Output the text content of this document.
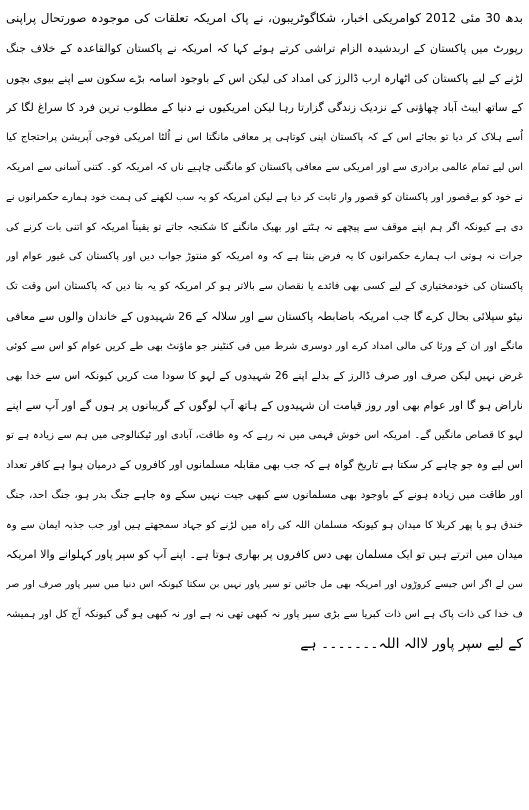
بدھ 30 مئی 2012 کوامریکی اخبار، شکاگوٹریبون، نے پاک امریکہ تعلقات کی موجودہ صورتحال پراپنی
رپورٹ میں پاکستان کے اربدشیدہ الزام تراشی کرتے ہوئے کہا کہ امریکہ نے پاکستان کوالقاعدہ کے خلاف جنگ
لڑنے کے لیے پاکستان کی اٹھارہ ارب ڈالرز کی امداد کی لیکن اس کے باوجود اسامہ بڑے سکون سے اپنے بیوی بچوں
کے ساتھ ایبٹ آباد چھاؤنی کے نزدیک زندگی گزارتا رہا لیکن امریکیوں نے دنیا کے مطلوب ترین فرد کا سراغ لگا کر
اُسے ہلاک کر دیا تو بجائے اس کے کہ پاکستان اپنی کوتاہی پر معافی مانگتا اس نے اُلٹا امریکی فوجی آپریشن پراحتجاج کیا
اس لیے تمام عالمی برادری سے اور امریکی سے معافی پاکستان کو مانگنی چاہیے ناں کہ امریکہ کو۔ کتنی آسانی سے امریکہ
نے خود کو بےقصور اور پاکستان کو قصور وار ثابت کر دیا ہے لیکن امریکہ کو یہ سب لکھنے کی ہمت خود ہمارے حکمرانوں نے
دی ہے کیونکہ اگر ہم اپنے موقف سے پیچھے نہ ہٹتے اور بھیک مانگنے کا شکنجہ جاتے تو یقیناً امریکہ کو اتنی بات کرنے کی
جرات نہ ہوتی اب ہمارے حکمرانوں کا یہ فرض بنتا ہے کہ وہ امریکہ کو منتوڑ جواب دیں اور پاکستان کی غیور عوام اور
پاکستان کی خودمختیاری کے لیے کسی بھی فائدے یا نقصان سے بالاتر ہو کر امریکہ کو یہ بتا دیں کہ پاکستان اس وقت تک
نیٹو سپلائی بحال کرے گا جب امریکہ باضابطہ پاکستان سے اور سلالہ کے 26 شہیدوں کے خاندان والوں سے معافی
مانگے اور ان کے ورثا کی مالی امداد کرے اور دوسری شرط میں فی کنٹینر جو ماؤنٹ بھی طے کریں عوام کو اس سے کوئی
غرض نہیں لیکن صرف اور صرف ڈالرز کے بدلے اپنے 26 شہیدوں کے لہو کا سودا مت کریں کیونکہ اس سے خدا بھی
ناراض ہو گا اور عوام بھی اور روز قیامت ان شہیدوں کے ہاتھ آپ لوگوں کے گریبانوں پر ہوں گے اور آپ سے اپنے
لہو کا قصاص مانگیں گے۔ امریکہ اس خوش فہمی میں نہ رہے کہ وہ طاقت، آبادی اور ٹیکنالوجی میں ہم سے زیادہ ہے تو
اس لیے وہ جو چاہے کر سکتا ہے تاریخ گواہ ہے کہ جب بھی مقابلہ مسلمانوں اور کافروں کے درمیان ہوا ہے کافر تعداد
اور طاقت میں زیادہ ہونے کے باوجود بھی مسلمانوں سے کبھی جیت نہیں سکے وہ جاہے جنگ بدر ہو، جنگ احد، جنگ
خندق ہو یا پھر کربلا کا میدان ہو کیونکہ مسلمان اللہ کی راہ میں لڑنے کو جہاد سمجھتے ہیں اور جب جذبہ ایمان سے وہ
میدان میں اترتے ہیں تو ایک مسلمان بھی دس کافروں پر بھاری ہوتا ہے۔ اپنے آپ کو سپر پاور کہلوانے والا امریکہ
سن لے اگر اس جیسے کروڑوں اور امریکہ بھی مل جائیں تو سپر پاور نہیں بن سکتا کیونکہ اس دنیا میں سپر پاور صرف اور صر
ف خدا کی ذات پاک ہے اس ذات کبریا سے بڑی سپر پاور نہ کبھی تھی نہ ہے اور نہ کبھی ہو گی کیونکہ آج کل اور ہمیشہ
کے لیے سپر پاور لاالہ اللہ۔۔۔۔۔۔۔ ہے
